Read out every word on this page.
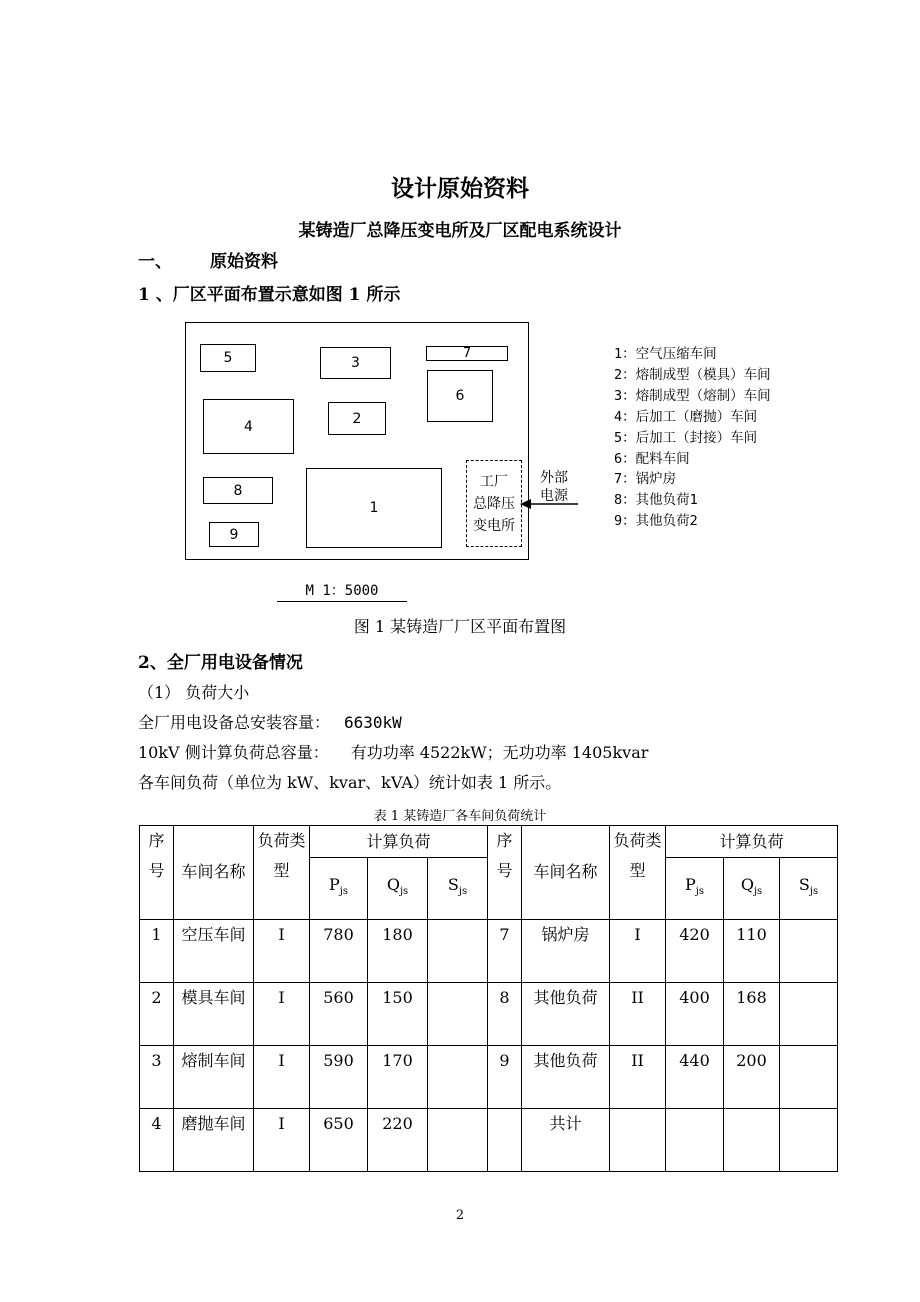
设计原始资料
某铸造厂总降压变电所及厂区配电系统设计
一、 原始资料
1 、厂区平面布置示意如图 1 所示
5	3
7
6
4	2
8
1
9
工厂
总降压
变电所
外部
电源
1：空气压缩车间
2：熔制成型（模具）车间
3：熔制成型（熔制）车间
4：后加工（磨抛）车间
5：后加工（封接）车间
6：配料车间
7：锅炉房
8：其他负荷1
9：其他负荷2
M 1：5000
图 1 某铸造厂厂区平面布置图
2、全厂用电设备情况
（1） 负荷大小
全厂用电设备总安装容量： 6630kW
10kV 侧计算负荷总容量： 有功功率 4522kW；无功功率 1405kvar
各车间负荷（单位为 kW、kvar、kVA）统计如表 1 所示。
表 1 某铸造厂各车间负荷统计
序号	车间名称	负荷类型	计算负荷			序号	车间名称	负荷类型	计算负荷		
			$P_{js}$	$Q_{js}$	$S_{js}$				$P_{js}$	$Q_{js}$	$S_{js}$
1	空压车间	I	780	180		7	锅炉房	I	420	110	
2	模具车间	I	560	150		8	其他负荷	II	400	168	
3	熔制车间	I	590	170		9	其他负荷	II	440	200	
4	磨抛车间	I	650	220			共计				
2
